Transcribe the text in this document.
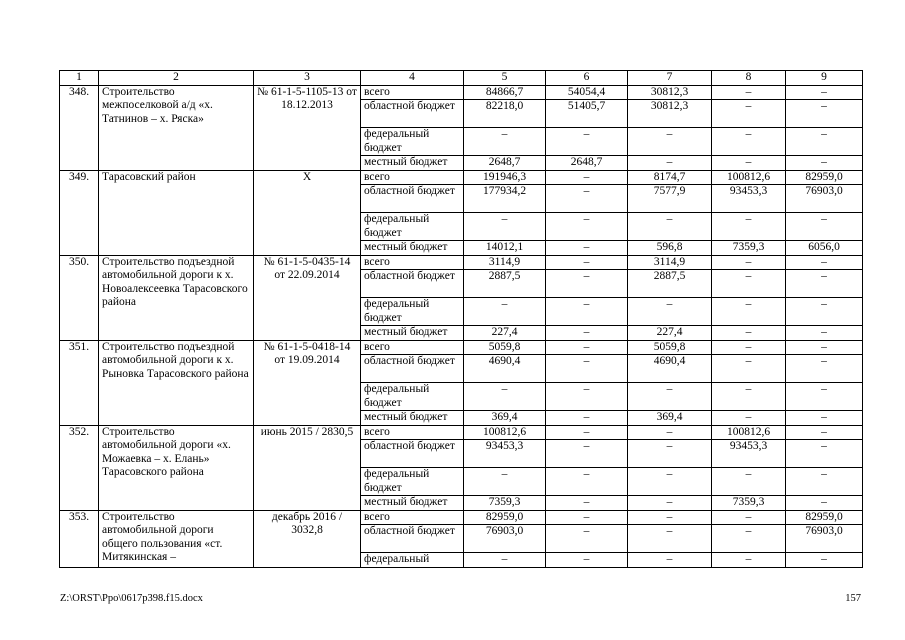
1	2	3	4	5	6	7	8	9
348.	Строительство межпоселковой а/д «х. Татнинов – х. Ряска»	№ 61-1-5-1105-13 от 18.12.2013	всего	84866,7	54054,4	30812,3	–	–
			областной бюджет	82218,0	51405,7	30812,3	–	–
			федеральный бюджет	–	–	–	–	–
			местный бюджет	2648,7	2648,7	–	–	–
349.	Тарасовский район	Х	всего	191946,3	–	8174,7	100812,6	82959,0
			областной бюджет	177934,2	–	7577,9	93453,3	76903,0
			федеральный бюджет	–	–	–	–	–
			местный бюджет	14012,1	–	596,8	7359,3	6056,0
350.	Строительство подъездной автомобильной дороги к х. Новоалексеевка Тарасовского района	№ 61-1-5-0435-14 от 22.09.2014	всего	3114,9	–	3114,9	–	–
			областной бюджет	2887,5	–	2887,5	–	–
			федеральный бюджет	–	–	–	–	–
			местный бюджет	227,4	–	227,4	–	–
351.	Строительство подъездной автомобильной дороги к х. Рыновка Тарасовского района	№ 61-1-5-0418-14 от 19.09.2014	всего	5059,8	–	5059,8	–	–
			областной бюджет	4690,4	–	4690,4	–	–
			федеральный бюджет	–	–	–	–	–
			местный бюджет	369,4	–	369,4	–	–
352.	Строительство автомобильной дороги «х. Можаевка – х. Елань» Тарасовского района	июнь 2015 / 2830,5	всего	100812,6	–	–	100812,6	–
			областной бюджет	93453,3	–	–	93453,3	–
			федеральный бюджет	–	–	–	–	–
			местный бюджет	7359,3	–	–	7359,3	–
353.	Строительство автомобильной дороги общего пользования «ст. Митякинская –	декабрь 2016 / 3032,8	всего	82959,0	–	–	–	82959,0
			областной бюджет	76903,0	–	–	–	76903,0
			федеральный	–	–	–	–	–
Z:\ORST\Ppo\0617p398.f15.docx	157
